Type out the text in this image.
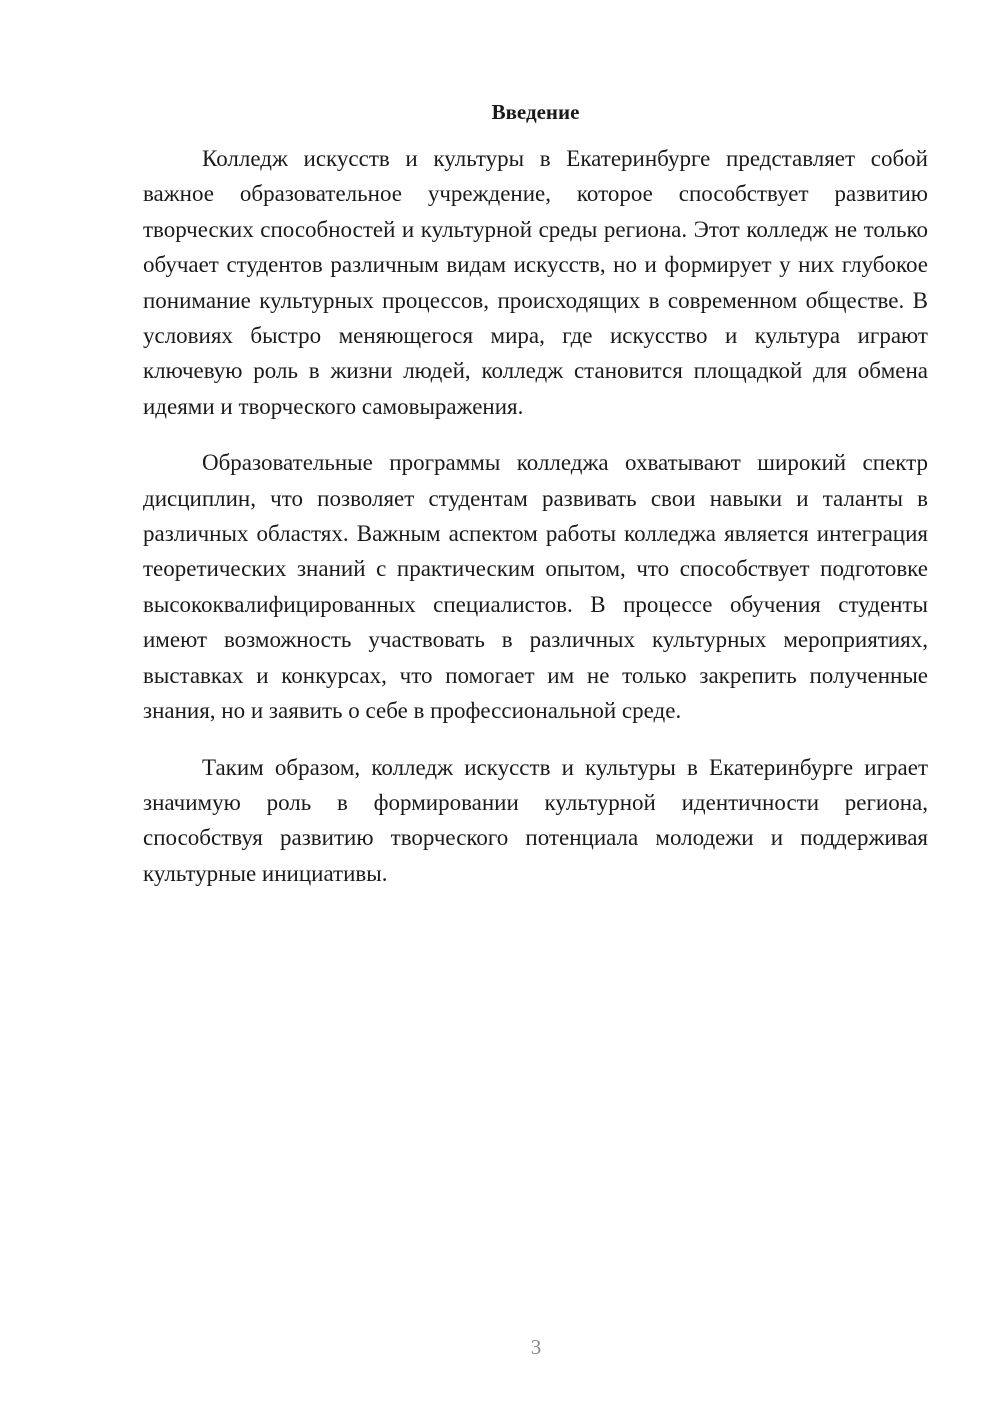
Введение

Колледж искусств и культуры в Екатеринбурге представляет собой важное образовательное учреждение, которое способствует развитию творческих способностей и культурной среды региона. Этот колледж не только обучает студентов различным видам искусств, но и формирует у них глубокое понимание культурных процессов, происходящих в современном обществе. В условиях быстро меняющегося мира, где искусство и культура играют ключевую роль в жизни людей, колледж становится площадкой для обмена идеями и творческого самовыражения.

Образовательные программы колледжа охватывают широкий спектр дисциплин, что позволяет студентам развивать свои навыки и таланты в различных областях. Важным аспектом работы колледжа является интеграция теоретических знаний с практическим опытом, что способствует подготовке высококвалифицированных специалистов. В процессе обучения студенты имеют возможность участвовать в различных культурных мероприятиях, выставках и конкурсах, что помогает им не только закрепить полученные знания, но и заявить о себе в профессиональной среде.

Таким образом, колледж искусств и культуры в Екатеринбурге играет значимую роль в формировании культурной идентичности региона, способствуя развитию творческого потенциала молодежи и поддерживая культурные инициативы.

3
